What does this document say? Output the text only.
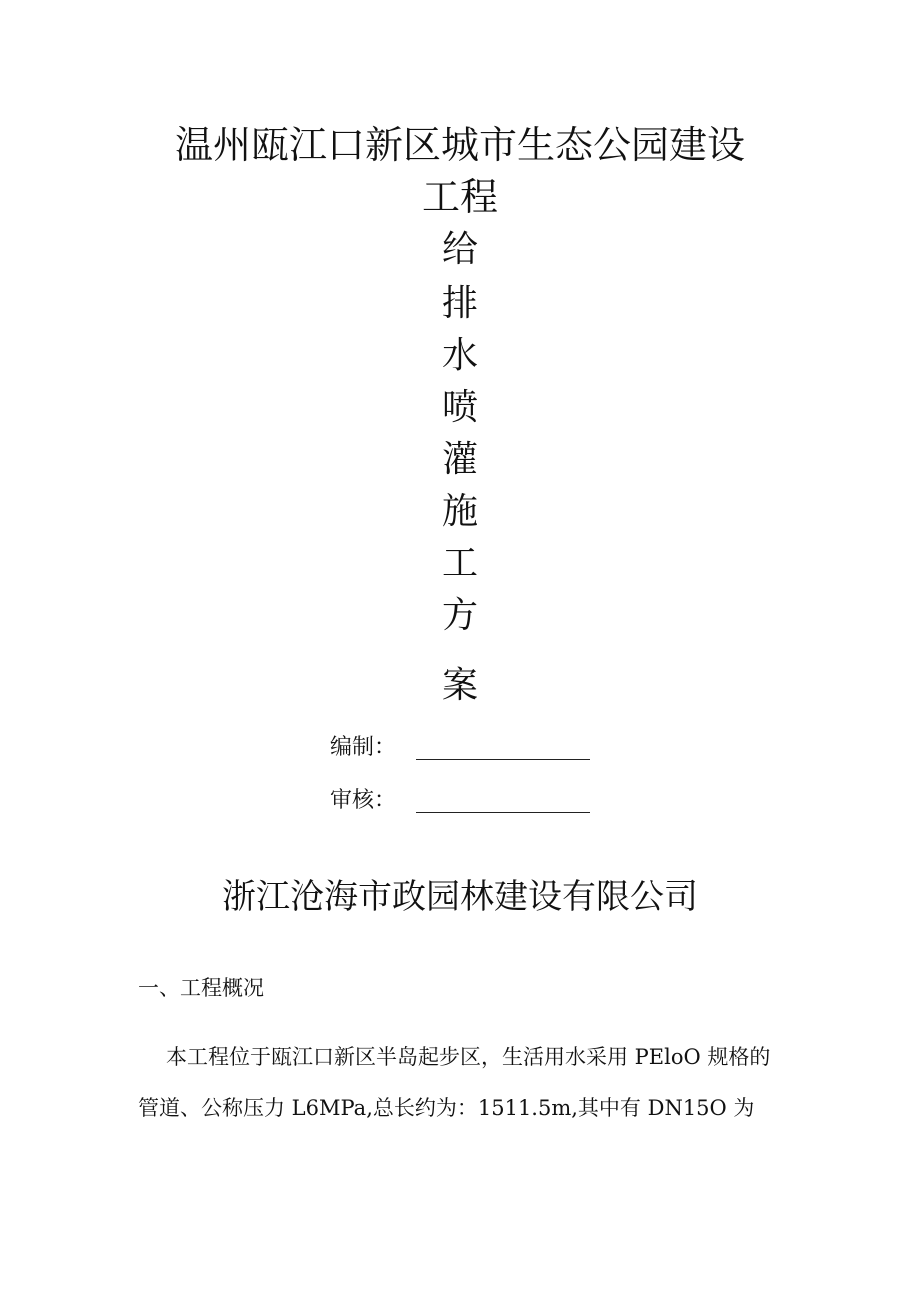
温州瓯江口新区城市生态公园建设
工程
给
排
水
喷
灌
施
工
方
案
编制：
审核：
浙江沧海市政园林建设有限公司
一、工程概况
本工程位于瓯江口新区半岛起步区，生活用水采用 PEloO 规格的
管道、公称压力 L6MPa,总长约为：1511.5m,其中有 DN15O 为
